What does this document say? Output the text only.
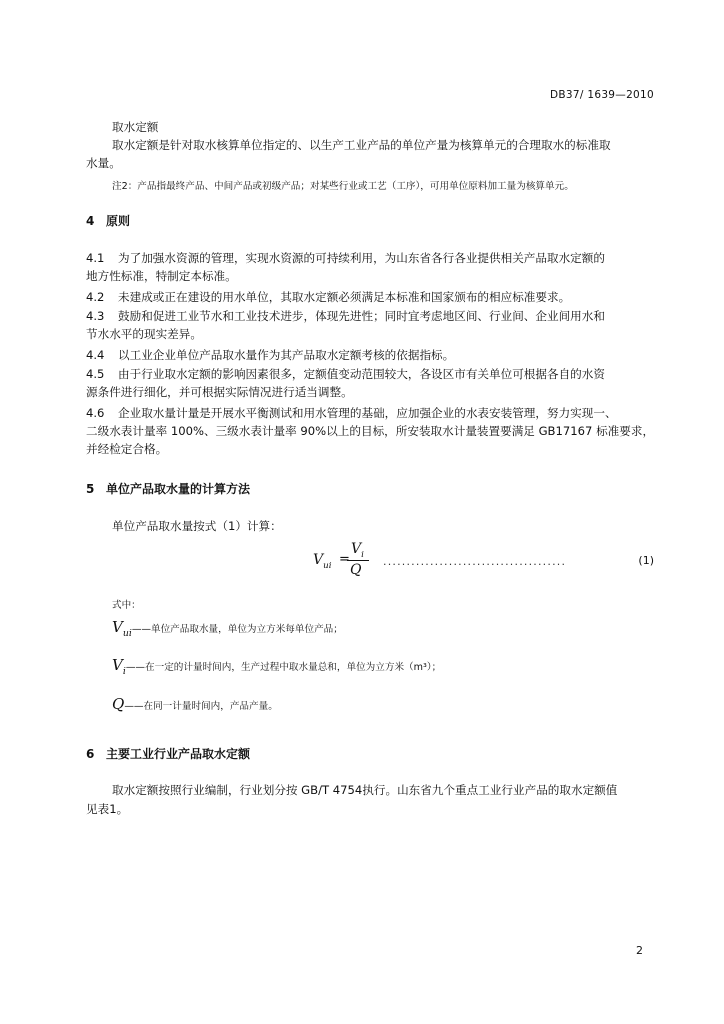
DB37/ 1639—2010
取水定额
取水定额是针对取水核算单位指定的、以生产工业产品的单位产量为核算单元的合理取水的标准取
水量。
注2：产品指最终产品、中间产品或初级产品；对某些行业或工艺（工序），可用单位原料加工量为核算单元。
4 原则
4.1 为了加强水资源的管理，实现水资源的可持续利用，为山东省各行各业提供相关产品取水定额的
地方性标准，特制定本标准。
4.2 未建成或正在建设的用水单位，其取水定额必须满足本标准和国家颁布的相应标准要求。
4.3 鼓励和促进工业节水和工业技术进步，体现先进性；同时宜考虑地区间、行业间、企业间用水和
节水水平的现实差异。
4.4 以工业企业单位产品取水量作为其产品取水定额考核的依据指标。
4.5 由于行业取水定额的影响因素很多，定额值变动范围较大，各设区市有关单位可根据各自的水资
源条件进行细化，并可根据实际情况进行适当调整。
4.6 企业取水量计量是开展水平衡测试和用水管理的基础，应加强企业的水表安装管理，努力实现一、
二级水表计量率 100%、三级水表计量率 90%以上的目标，所安装取水计量装置要满足 GB17167 标准要求，
并经检定合格。
5 单位产品取水量的计算方法
单位产品取水量按式（1）计算：
$V_{ui}$ =
$V_i$
Q
.......................................	(1)
式中：
$V_{ui}——$单位产品取水量，单位为立方米每单位产品；
$V_i——$在一定的计量时间内，生产过程中取水量总和，单位为立方米（m³）；
Q——在同一计量时间内，产品产量。
6 主要工业行业产品取水定额
取水定额按照行业编制，行业划分按 GB/T 4754执行。山东省九个重点工业行业产品的取水定额值
见表1。
2
